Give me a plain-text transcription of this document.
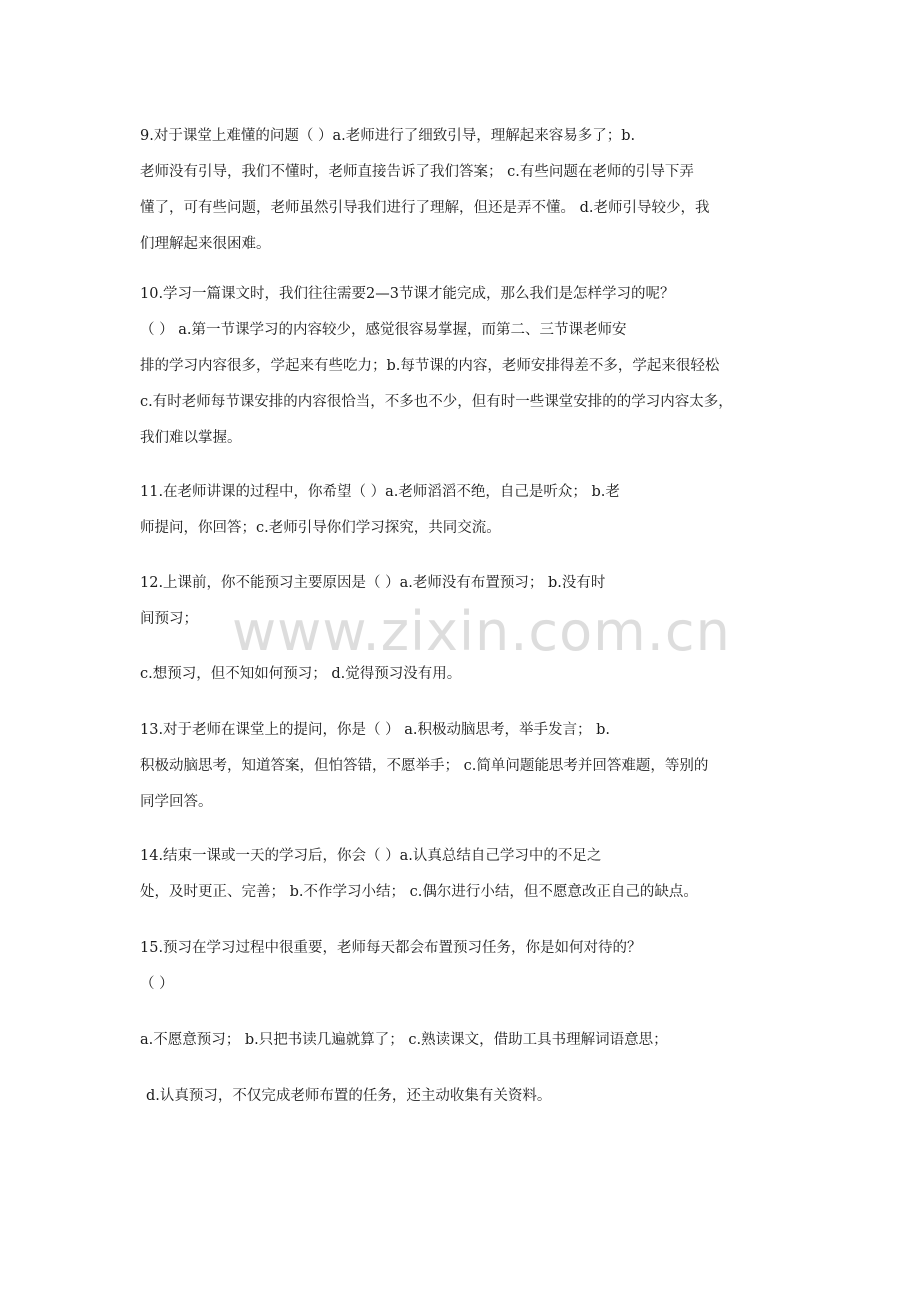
9.对于课堂上难懂的问题（ ）a.老师进行了细致引导，理解起来容易多了；b.
老师没有引导，我们不懂时，老师直接告诉了我们答案； c.有些问题在老师的引导下弄
懂了，可有些问题，老师虽然引导我们进行了理解，但还是弄不懂。 d.老师引导较少，我
们理解起来很困难。
10.学习一篇课文时，我们往往需要2—3节课才能完成，那么我们是怎样学习的呢？
（ ） a.第一节课学习的内容较少，感觉很容易掌握，而第二、三节课老师安
排的学习内容很多，学起来有些吃力；b.每节课的内容，老师安排得差不多，学起来很轻松
c.有时老师每节课安排的内容很恰当，不多也不少，但有时一些课堂安排的的学习内容太多，
我们难以掌握。
11.在老师讲课的过程中，你希望（ ）a.老师滔滔不绝，自己是听众； b.老
师提问，你回答；c.老师引导你们学习探究，共同交流。
12.上课前，你不能预习主要原因是（ ）a.老师没有布置预习； b.没有时
间预习；
c.想预习，但不知如何预习； d.觉得预习没有用。
13.对于老师在课堂上的提问，你是（ ） a.积极动脑思考，举手发言； b.
积极动脑思考，知道答案，但怕答错，不愿举手； c.简单问题能思考并回答难题，等别的
同学回答。
14.结束一课或一天的学习后，你会（ ）a.认真总结自己学习中的不足之
处，及时更正、完善； b.不作学习小结； c.偶尔进行小结，但不愿意改正自己的缺点。
15.预习在学习过程中很重要，老师每天都会布置预习任务，你是如何对待的？
（ ）
a.不愿意预习； b.只把书读几遍就算了； c.熟读课文，借助工具书理解词语意思；
d.认真预习，不仅完成老师布置的任务，还主动收集有关资料。
www.zixin.com.cn
